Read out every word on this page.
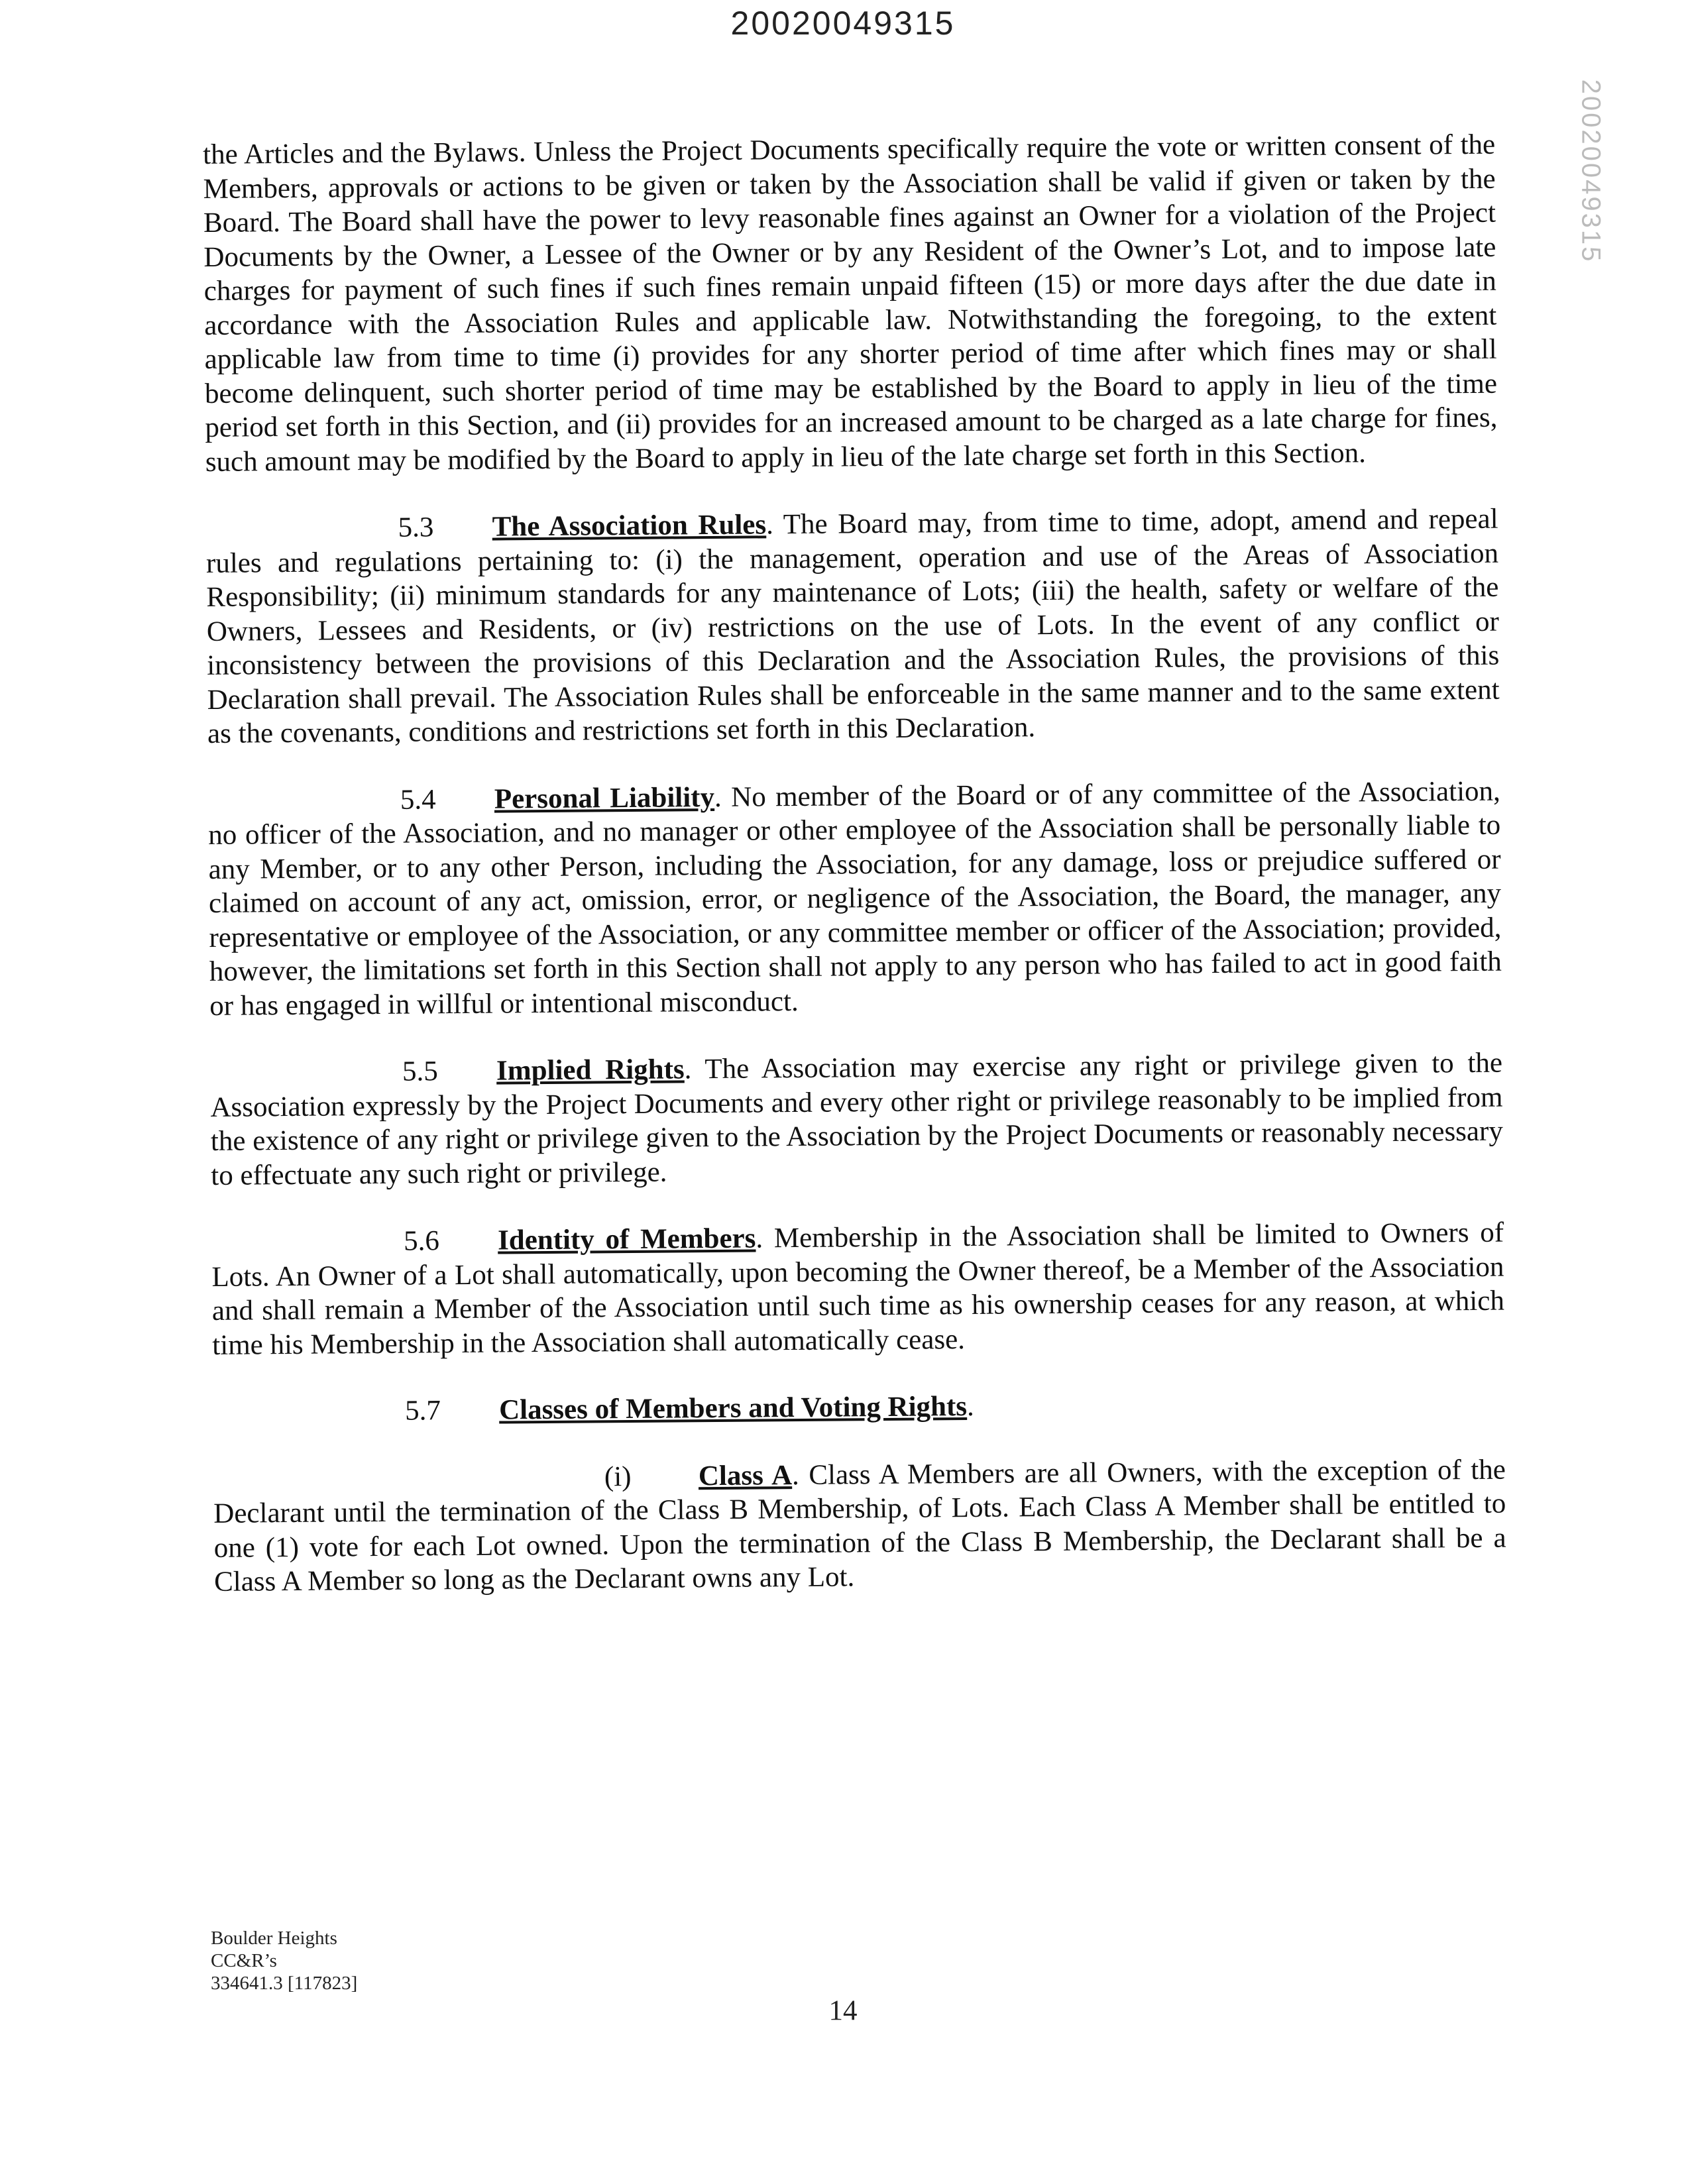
20020049315
20020049315

the Articles and the Bylaws. Unless the Project Documents specifically require the vote or written consent of the Members, approvals or actions to be given or taken by the Association shall be valid if given or taken by the Board. The Board shall have the power to levy reasonable fines against an Owner for a violation of the Project Documents by the Owner, a Lessee of the Owner or by any Resident of the Owner’s Lot, and to impose late charges for payment of such fines if such fines remain unpaid fifteen (15) or more days after the due date in accordance with the Association Rules and applicable law. Notwithstanding the foregoing, to the extent applicable law from time to time (i) provides for any shorter period of time after which fines may or shall become delinquent, such shorter period of time may be established by the Board to apply in lieu of the time period set forth in this Section, and (ii) provides for an increased amount to be charged as a late charge for fines, such amount may be modified by the Board to apply in lieu of the late charge set forth in this Section.

5.3 The Association Rules. The Board may, from time to time, adopt, amend and repeal rules and regulations pertaining to: (i) the management, operation and use of the Areas of Association Responsibility; (ii) minimum standards for any maintenance of Lots; (iii) the health, safety or welfare of the Owners, Lessees and Residents, or (iv) restrictions on the use of Lots. In the event of any conflict or inconsistency between the provisions of this Declaration and the Association Rules, the provisions of this Declaration shall prevail. The Association Rules shall be enforceable in the same manner and to the same extent as the covenants, conditions and restrictions set forth in this Declaration.

5.4 Personal Liability. No member of the Board or of any committee of the Association, no officer of the Association, and no manager or other employee of the Association shall be personally liable to any Member, or to any other Person, including the Association, for any damage, loss or prejudice suffered or claimed on account of any act, omission, error, or negligence of the Association, the Board, the manager, any representative or employee of the Association, or any committee member or officer of the Association; provided, however, the limitations set forth in this Section shall not apply to any person who has failed to act in good faith or has engaged in willful or intentional misconduct.

5.5 Implied Rights. The Association may exercise any right or privilege given to the Association expressly by the Project Documents and every other right or privilege reasonably to be implied from the existence of any right or privilege given to the Association by the Project Documents or reasonably necessary to effectuate any such right or privilege.

5.6 Identity of Members. Membership in the Association shall be limited to Owners of Lots. An Owner of a Lot shall automatically, upon becoming the Owner thereof, be a Member of the Association and shall remain a Member of the Association until such time as his ownership ceases for any reason, at which time his Membership in the Association shall automatically cease.

5.7 Classes of Members and Voting Rights.

(i) Class A. Class A Members are all Owners, with the exception of the Declarant until the termination of the Class B Membership, of Lots. Each Class A Member shall be entitled to one (1) vote for each Lot owned. Upon the termination of the Class B Membership, the Declarant shall be a Class A Member so long as the Declarant owns any Lot.

Boulder Heights
CC&R’s
334641.3 [117823]
14
